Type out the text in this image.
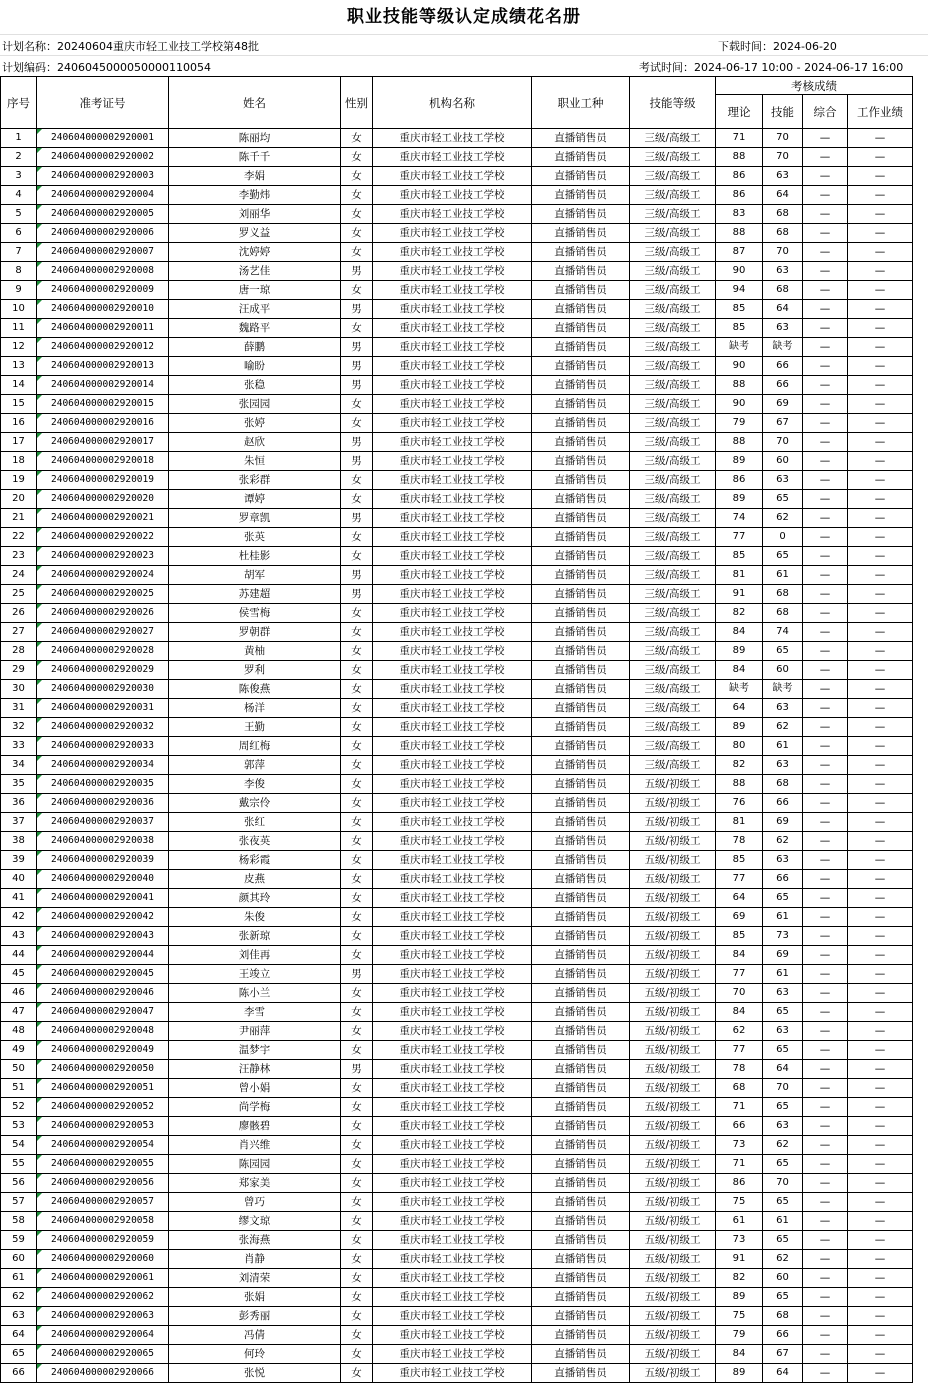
职业技能等级认定成绩花名册
计划名称：20240604重庆市轻工业技工学校第48批	下载时间：2024-06-20
计划编码：2406045000050000110054	考试时间：2024-06-17 10:00 - 2024-06-17 16:00
序号	准考证号	姓名	性别	机构名称	职业工种	技能等级	考核成绩			
							理论	技能	综合	工作业绩
1	240604000002920001	陈丽均	女	重庆市轻工业技工学校	直播销售员	三级/高级工	71	70	—	—
2	240604000002920002	陈千千	女	重庆市轻工业技工学校	直播销售员	三级/高级工	88	70	—	—
3	240604000002920003	李娟	女	重庆市轻工业技工学校	直播销售员	三级/高级工	86	63	—	—
4	240604000002920004	李勤炜	女	重庆市轻工业技工学校	直播销售员	三级/高级工	86	64	—	—
5	240604000002920005	刘丽华	女	重庆市轻工业技工学校	直播销售员	三级/高级工	83	68	—	—
6	240604000002920006	罗义益	女	重庆市轻工业技工学校	直播销售员	三级/高级工	88	68	—	—
7	240604000002920007	沈婷婷	女	重庆市轻工业技工学校	直播销售员	三级/高级工	87	70	—	—
8	240604000002920008	汤艺佳	男	重庆市轻工业技工学校	直播销售员	三级/高级工	90	63	—	—
9	240604000002920009	唐一琼	女	重庆市轻工业技工学校	直播销售员	三级/高级工	94	68	—	—
10	240604000002920010	汪成平	男	重庆市轻工业技工学校	直播销售员	三级/高级工	85	64	—	—
11	240604000002920011	魏路平	女	重庆市轻工业技工学校	直播销售员	三级/高级工	85	63	—	—
12	240604000002920012	薛鹏	男	重庆市轻工业技工学校	直播销售员	三级/高级工	缺考	缺考	—	—
13	240604000002920013	喻盼	男	重庆市轻工业技工学校	直播销售员	三级/高级工	90	66	—	—
14	240604000002920014	张稳	男	重庆市轻工业技工学校	直播销售员	三级/高级工	88	66	—	—
15	240604000002920015	张园园	女	重庆市轻工业技工学校	直播销售员	三级/高级工	90	69	—	—
16	240604000002920016	张婷	女	重庆市轻工业技工学校	直播销售员	三级/高级工	79	67	—	—
17	240604000002920017	赵欣	男	重庆市轻工业技工学校	直播销售员	三级/高级工	88	70	—	—
18	240604000002920018	朱恒	男	重庆市轻工业技工学校	直播销售员	三级/高级工	89	60	—	—
19	240604000002920019	张彩群	女	重庆市轻工业技工学校	直播销售员	三级/高级工	86	63	—	—
20	240604000002920020	谭婷	女	重庆市轻工业技工学校	直播销售员	三级/高级工	89	65	—	—
21	240604000002920021	罗章凯	男	重庆市轻工业技工学校	直播销售员	三级/高级工	74	62	—	—
22	240604000002920022	张英	女	重庆市轻工业技工学校	直播销售员	三级/高级工	77	0	—	—
23	240604000002920023	杜桂影	女	重庆市轻工业技工学校	直播销售员	三级/高级工	85	65	—	—
24	240604000002920024	胡军	男	重庆市轻工业技工学校	直播销售员	三级/高级工	81	61	—	—
25	240604000002920025	苏建超	男	重庆市轻工业技工学校	直播销售员	三级/高级工	91	68	—	—
26	240604000002920026	侯雪梅	女	重庆市轻工业技工学校	直播销售员	三级/高级工	82	68	—	—
27	240604000002920027	罗朝群	女	重庆市轻工业技工学校	直播销售员	三级/高级工	84	74	—	—
28	240604000002920028	黄柚	女	重庆市轻工业技工学校	直播销售员	三级/高级工	89	65	—	—
29	240604000002920029	罗利	女	重庆市轻工业技工学校	直播销售员	三级/高级工	84	60	—	—
30	240604000002920030	陈俊燕	女	重庆市轻工业技工学校	直播销售员	三级/高级工	缺考	缺考	—	—
31	240604000002920031	杨洋	女	重庆市轻工业技工学校	直播销售员	三级/高级工	64	63	—	—
32	240604000002920032	王勤	女	重庆市轻工业技工学校	直播销售员	三级/高级工	89	62	—	—
33	240604000002920033	周红梅	女	重庆市轻工业技工学校	直播销售员	三级/高级工	80	61	—	—
34	240604000002920034	郭萍	女	重庆市轻工业技工学校	直播销售员	三级/高级工	82	63	—	—
35	240604000002920035	李俊	女	重庆市轻工业技工学校	直播销售员	五级/初级工	88	68	—	—
36	240604000002920036	戴宗伶	女	重庆市轻工业技工学校	直播销售员	五级/初级工	76	66	—	—
37	240604000002920037	张红	女	重庆市轻工业技工学校	直播销售员	五级/初级工	81	69	—	—
38	240604000002920038	张夜英	女	重庆市轻工业技工学校	直播销售员	五级/初级工	78	62	—	—
39	240604000002920039	杨彩霞	女	重庆市轻工业技工学校	直播销售员	五级/初级工	85	63	—	—
40	240604000002920040	皮燕	女	重庆市轻工业技工学校	直播销售员	五级/初级工	77	66	—	—
41	240604000002920041	颜其玲	女	重庆市轻工业技工学校	直播销售员	五级/初级工	64	65	—	—
42	240604000002920042	朱俊	女	重庆市轻工业技工学校	直播销售员	五级/初级工	69	61	—	—
43	240604000002920043	张新琼	女	重庆市轻工业技工学校	直播销售员	五级/初级工	85	73	—	—
44	240604000002920044	刘佳再	女	重庆市轻工业技工学校	直播销售员	五级/初级工	84	69	—	—
45	240604000002920045	王竣立	男	重庆市轻工业技工学校	直播销售员	五级/初级工	77	61	—	—
46	240604000002920046	陈小兰	女	重庆市轻工业技工学校	直播销售员	五级/初级工	70	63	—	—
47	240604000002920047	李雪	女	重庆市轻工业技工学校	直播销售员	五级/初级工	84	65	—	—
48	240604000002920048	尹丽萍	女	重庆市轻工业技工学校	直播销售员	五级/初级工	62	63	—	—
49	240604000002920049	温梦宇	女	重庆市轻工业技工学校	直播销售员	五级/初级工	77	65	—	—
50	240604000002920050	汪静林	男	重庆市轻工业技工学校	直播销售员	五级/初级工	78	64	—	—
51	240604000002920051	曾小娟	女	重庆市轻工业技工学校	直播销售员	五级/初级工	68	70	—	—
52	240604000002920052	尚学梅	女	重庆市轻工业技工学校	直播销售员	五级/初级工	71	65	—	—
53	240604000002920053	廖骸碧	女	重庆市轻工业技工学校	直播销售员	五级/初级工	66	63	—	—
54	240604000002920054	肖兴维	女	重庆市轻工业技工学校	直播销售员	五级/初级工	73	62	—	—
55	240604000002920055	陈园园	女	重庆市轻工业技工学校	直播销售员	五级/初级工	71	65	—	—
56	240604000002920056	郑家美	女	重庆市轻工业技工学校	直播销售员	五级/初级工	86	70	—	—
57	240604000002920057	曾巧	女	重庆市轻工业技工学校	直播销售员	五级/初级工	75	65	—	—
58	240604000002920058	缪文琼	女	重庆市轻工业技工学校	直播销售员	五级/初级工	61	61	—	—
59	240604000002920059	张海燕	女	重庆市轻工业技工学校	直播销售员	五级/初级工	73	65	—	—
60	240604000002920060	肖静	女	重庆市轻工业技工学校	直播销售员	五级/初级工	91	62	—	—
61	240604000002920061	刘清荣	女	重庆市轻工业技工学校	直播销售员	五级/初级工	82	60	—	—
62	240604000002920062	张娟	女	重庆市轻工业技工学校	直播销售员	五级/初级工	89	65	—	—
63	240604000002920063	彭秀丽	女	重庆市轻工业技工学校	直播销售员	五级/初级工	75	68	—	—
64	240604000002920064	冯倩	女	重庆市轻工业技工学校	直播销售员	五级/初级工	79	66	—	—
65	240604000002920065	何玲	女	重庆市轻工业技工学校	直播销售员	五级/初级工	84	67	—	—
66	240604000002920066	张悦	女	重庆市轻工业技工学校	直播销售员	五级/初级工	89	64	—	—
